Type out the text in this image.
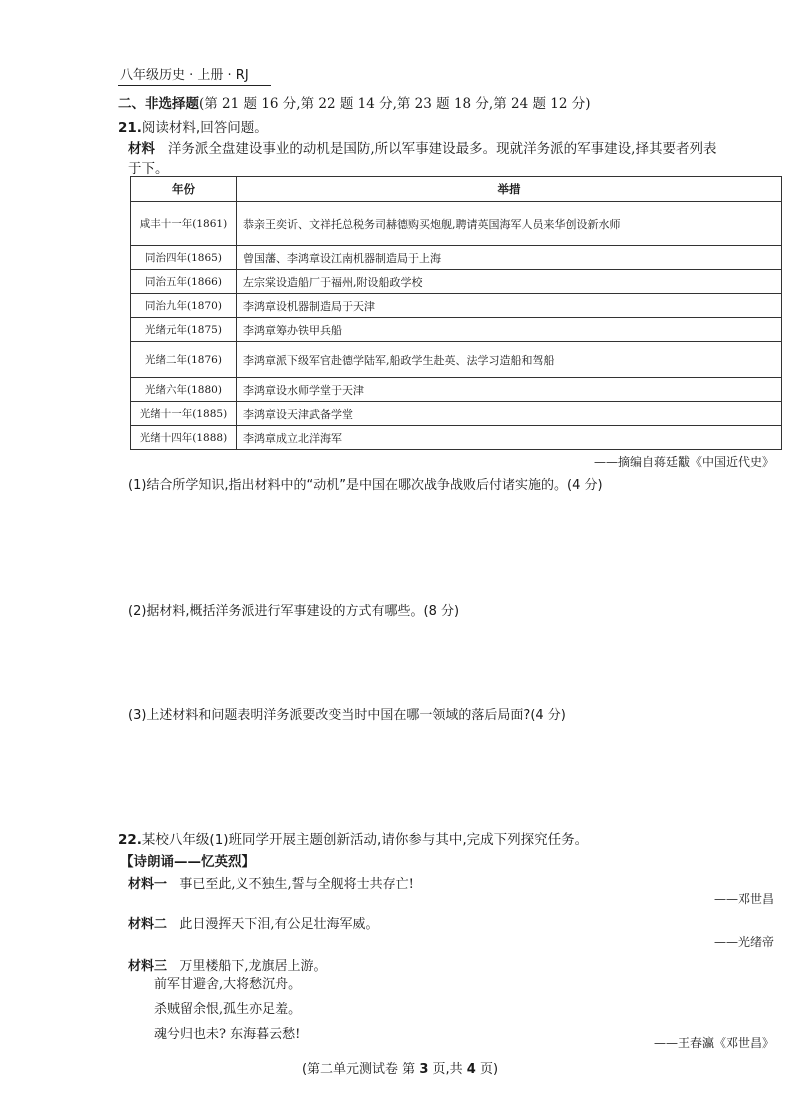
八年级历史 · 上册 · RJ
二、非选择题(第 21 题 16 分,第 22 题 14 分,第 23 题 18 分,第 24 题 12 分)
21.阅读材料,回答问题。
材料 洋务派全盘建设事业的动机是国防,所以军事建设最多。现就洋务派的军事建设,择其要者列表
于下。
年份	举措
咸丰十一年(1861)	恭亲王奕䜣、文祥托总税务司赫德购买炮舰,聘请英国海军人员来华创设新水师
同治四年(1865)	曾国藩、李鸿章设江南机器制造局于上海
同治五年(1866)	左宗棠设造船厂于福州,附设船政学校
同治九年(1870)	李鸿章设机器制造局于天津
光绪元年(1875)	李鸿章筹办铁甲兵船
光绪二年(1876)	李鸿章派下级军官赴德学陆军,船政学生赴英、法学习造船和驾船
光绪六年(1880)	李鸿章设水师学堂于天津
光绪十一年(1885)	李鸿章设天津武备学堂
光绪十四年(1888)	李鸿章成立北洋海军
——摘编自蒋廷黻《中国近代史》
(1)结合所学知识,指出材料中的“动机”是中国在哪次战争战败后付诸实施的。(4 分)
(2)据材料,概括洋务派进行军事建设的方式有哪些。(8 分)
(3)上述材料和问题表明洋务派要改变当时中国在哪一领域的落后局面?(4 分)
22.某校八年级(1)班同学开展主题创新活动,请你参与其中,完成下列探究任务。
【诗朗诵——忆英烈】
材料一 事已至此,义不独生,誓与全舰将士共存亡!
——邓世昌
材料二 此日漫挥天下泪,有公足壮海军威。
——光绪帝
材料三 万里楼船下,龙旗居上游。
前军甘避舍,大将愁沉舟。
杀贼留余恨,孤生亦足羞。
魂兮归也未? 东海暮云愁!
——王春瀛《邓世昌》
(第二单元测试卷 第 3 页,共 4 页)
